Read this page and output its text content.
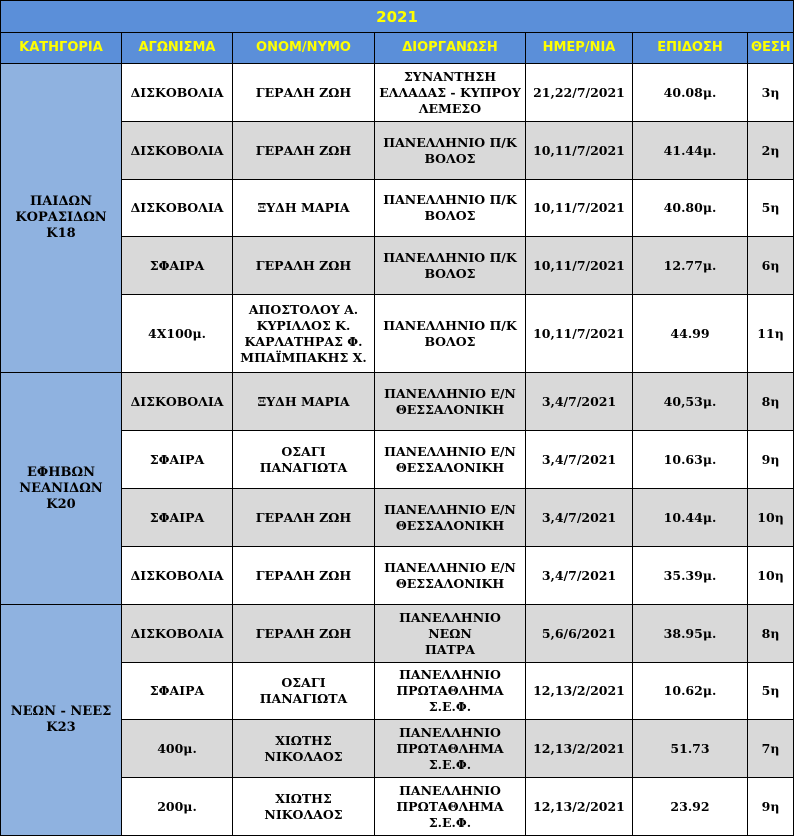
2021						
ΚΑΤΗΓΟΡΙΑ	ΑΓΩΝΙΣΜΑ	ΟΝΟΜ/ΝΥΜΟ	ΔΙΟΡΓΑΝΩΣΗ	ΗΜΕΡ/ΝΙΑ	ΕΠΙΔΟΣΗ	ΘΕΣΗ

ΠΑΙΔΩΝ
ΚΟΡΑΣΙΔΩΝ
Κ18	ΔΙΣΚΟΒΟΛΙΑ	ΓΕΡΑΛΗ ΖΩΗ	ΣΥΝΑΝΤΗΣΗ
ΕΛΛΑΔΑΣ - ΚΥΠΡΟΥ
ΛΕΜΕΣΟ	21,22/7/2021	40.08μ.	3η
	ΔΙΣΚΟΒΟΛΙΑ	ΓΕΡΑΛΗ ΖΩΗ	ΠΑΝΕΛΛΗΝΙΟ Π/Κ
ΒΟΛΟΣ	10,11/7/2021	41.44μ.	2η
	ΔΙΣΚΟΒΟΛΙΑ	ΞΥΔΗ ΜΑΡΙΑ	ΠΑΝΕΛΛΗΝΙΟ Π/Κ
ΒΟΛΟΣ	10,11/7/2021	40.80μ.	5η
	ΣΦΑΙΡΑ	ΓΕΡΑΛΗ ΖΩΗ	ΠΑΝΕΛΛΗΝΙΟ Π/Κ
ΒΟΛΟΣ	10,11/7/2021	12.77μ.	6η
	4Χ100μ.	ΑΠΟΣΤΟΛΟΥ Α.
ΚΥΡΙΛΛΟΣ Κ.
ΚΑΡΛΑΤΗΡΑΣ Φ.
ΜΠΑΪΜΠΑΚΗΣ Χ.	ΠΑΝΕΛΛΗΝΙΟ Π/Κ
ΒΟΛΟΣ	10,11/7/2021	44.99	11η

ΕΦΗΒΩΝ
ΝΕΑΝΙΔΩΝ
Κ20	ΔΙΣΚΟΒΟΛΙΑ	ΞΥΔΗ ΜΑΡΙΑ	ΠΑΝΕΛΛΗΝΙΟ Ε/Ν
ΘΕΣΣΑΛΟΝΙΚΗ	3,4/7/2021	40,53μ.	8η
	ΣΦΑΙΡΑ	ΟΣΑΓΙ ΠΑΝΑΓΙΩΤΑ	ΠΑΝΕΛΛΗΝΙΟ Ε/Ν
ΘΕΣΣΑΛΟΝΙΚΗ	3,4/7/2021	10.63μ.	9η
	ΣΦΑΙΡΑ	ΓΕΡΑΛΗ ΖΩΗ	ΠΑΝΕΛΛΗΝΙΟ Ε/Ν
ΘΕΣΣΑΛΟΝΙΚΗ	3,4/7/2021	10.44μ.	10η
	ΔΙΣΚΟΒΟΛΙΑ	ΓΕΡΑΛΗ ΖΩΗ	ΠΑΝΕΛΛΗΝΙΟ Ε/Ν
ΘΕΣΣΑΛΟΝΙΚΗ	3,4/7/2021	35.39μ.	10η

ΝΕΩΝ - ΝΕΕΣ
Κ23	ΔΙΣΚΟΒΟΛΙΑ	ΓΕΡΑΛΗ ΖΩΗ	ΠΑΝΕΛΛΗΝΙΟ ΝΕΩΝ
ΠΑΤΡΑ	5,6/6/2021	38.95μ.	8η
	ΣΦΑΙΡΑ	ΟΣΑΓΙ ΠΑΝΑΓΙΩΤΑ	ΠΑΝΕΛΛΗΝΙΟ
ΠΡΩΤΑΘΛΗΜΑ Σ.Ε.Φ.	12,13/2/2021	10.62μ.	5η
	400μ.	ΧΙΩΤΗΣ ΝΙΚΟΛΑΟΣ	ΠΑΝΕΛΛΗΝΙΟ
ΠΡΩΤΑΘΛΗΜΑ Σ.Ε.Φ.	12,13/2/2021	51.73	7η
	200μ.	ΧΙΩΤΗΣ ΝΙΚΟΛΑΟΣ	ΠΑΝΕΛΛΗΝΙΟ
ΠΡΩΤΑΘΛΗΜΑ Σ.Ε.Φ.	12,13/2/2021	23.92	9η
